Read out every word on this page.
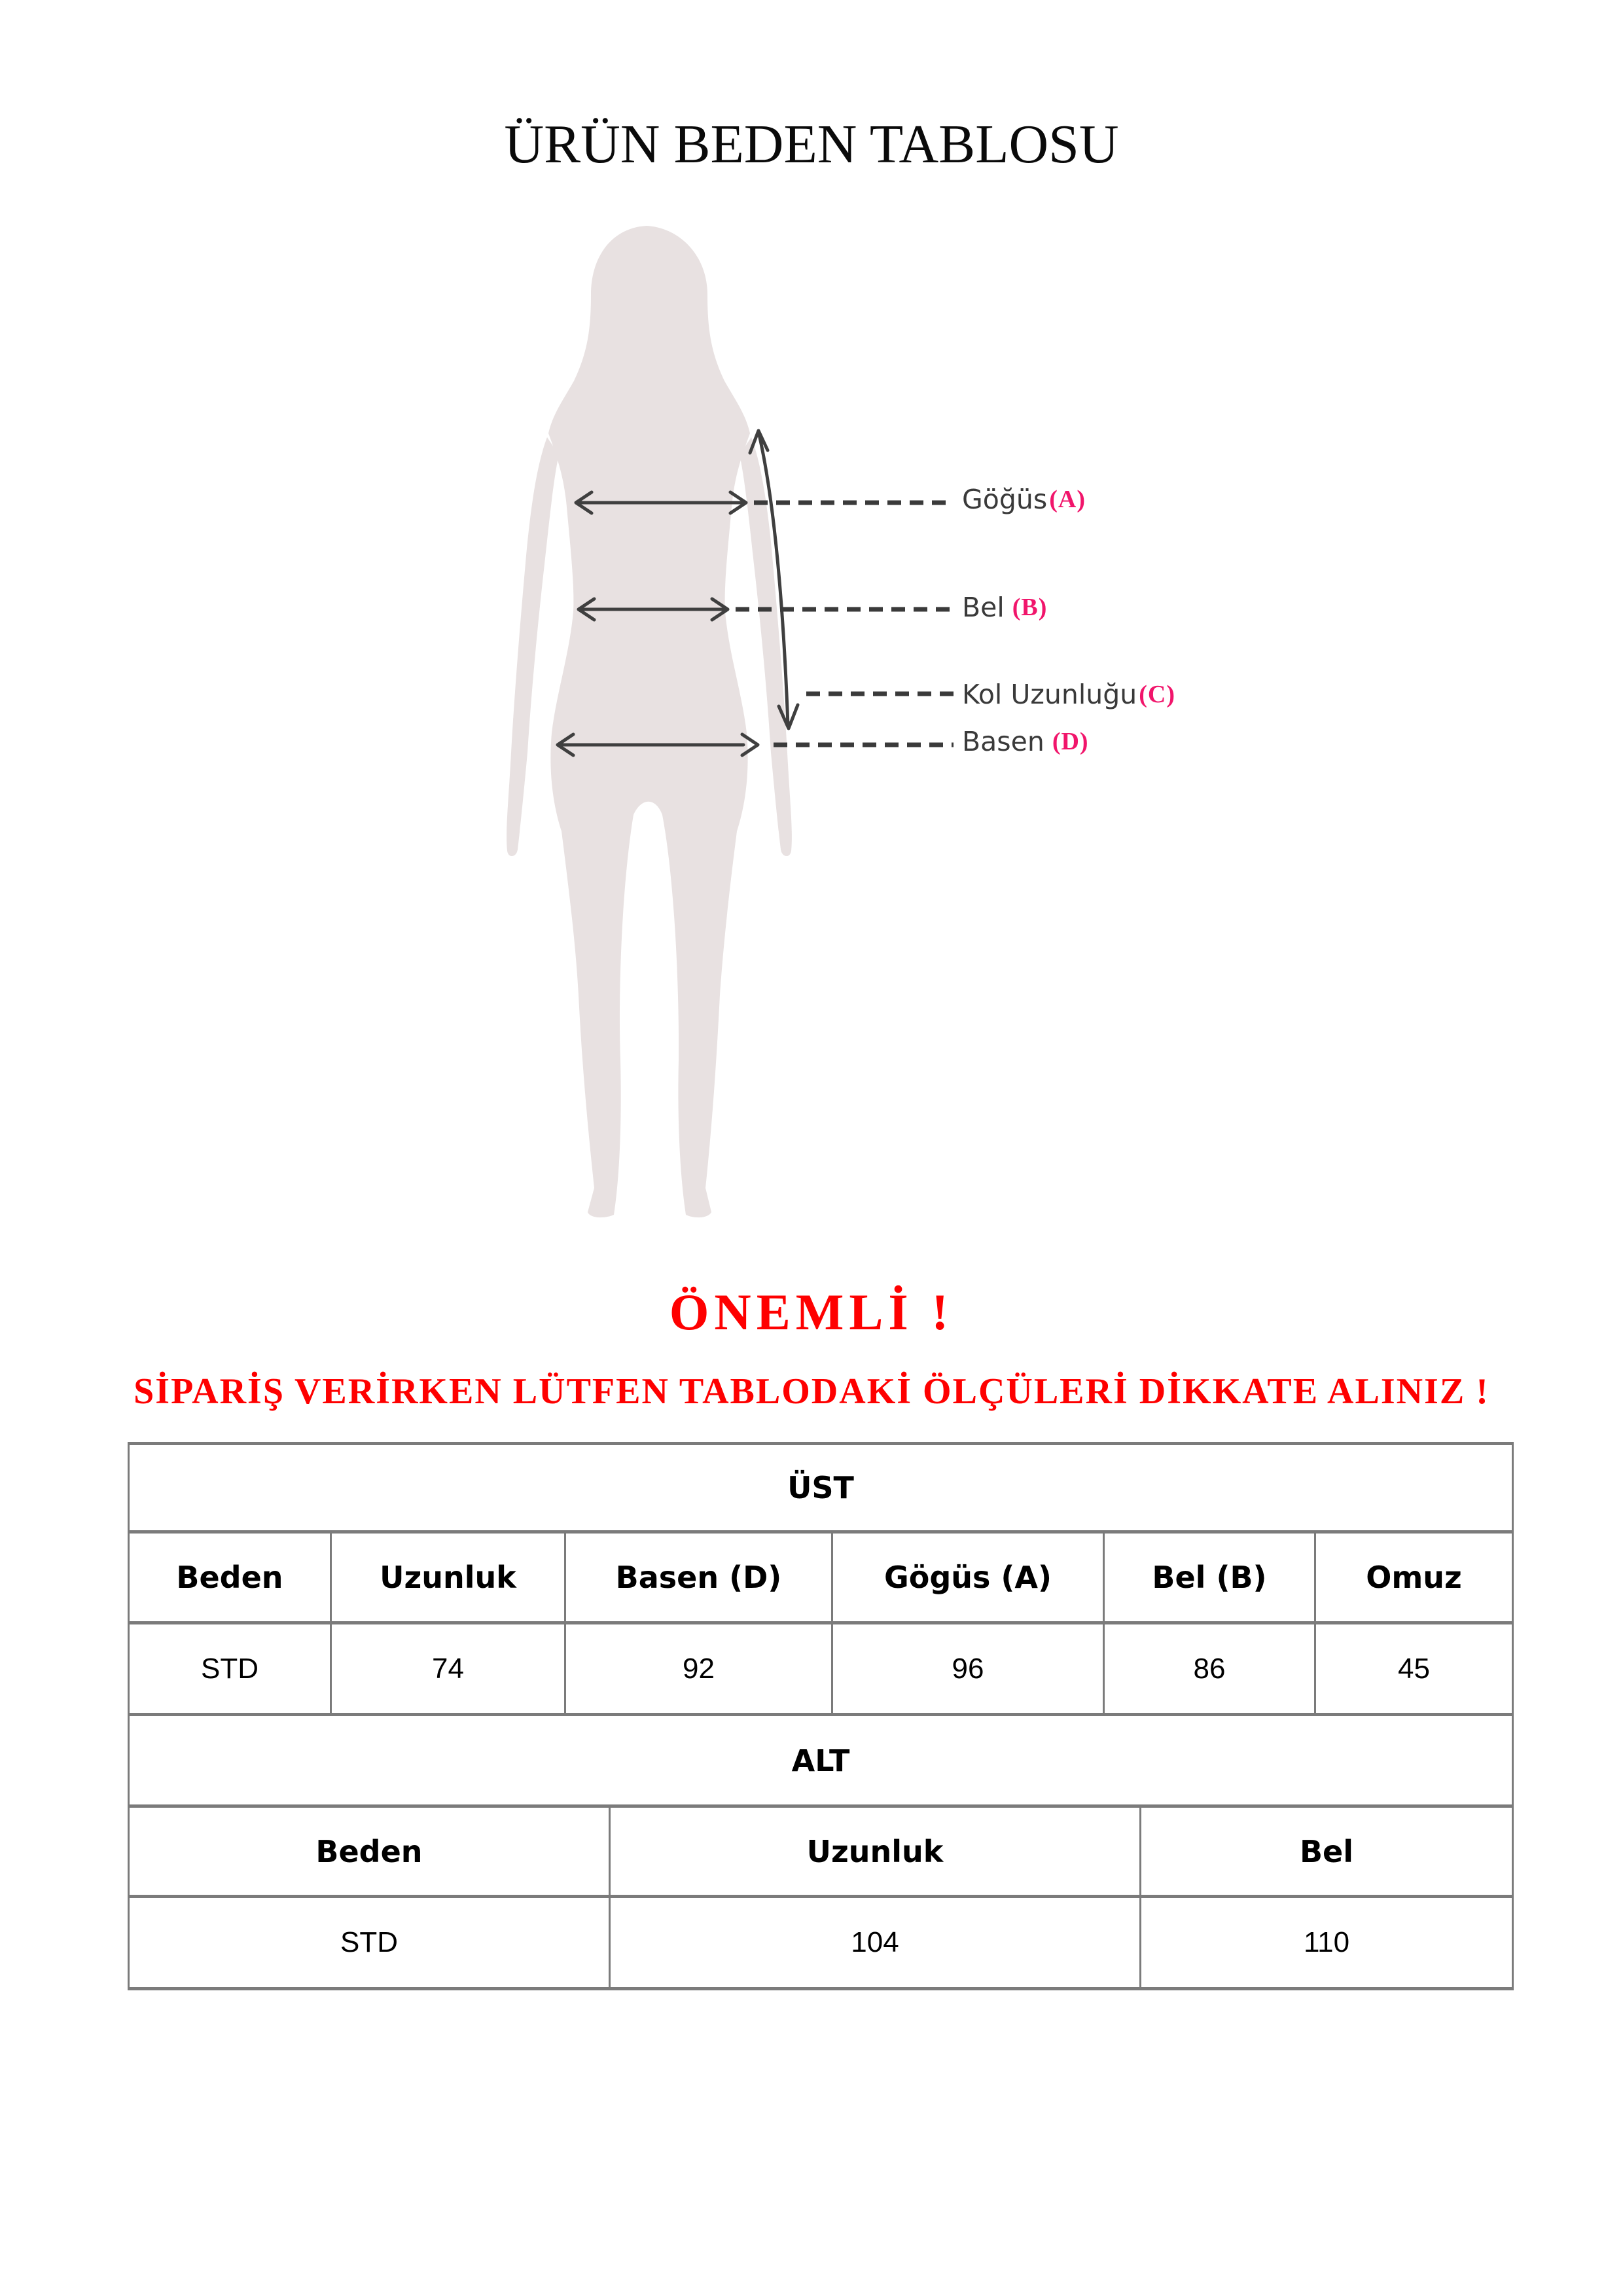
ÜRÜN BEDEN TABLOSU
Göğüs(A)
Bel (B)
Kol Uzunluğu(C)
Basen (D)
ÖNEMLİ !
SİPARİŞ VERİRKEN LÜTFEN TABLODAKİ ÖLÇÜLERİ DİKKATE ALINIZ !
ÜST					
Beden	Uzunluk	Basen (D)	Gögüs (A)	Bel (B)	Omuz
STD	74	92	96	86	45
ALT		
Beden	Uzunluk	Bel
STD	104	110
